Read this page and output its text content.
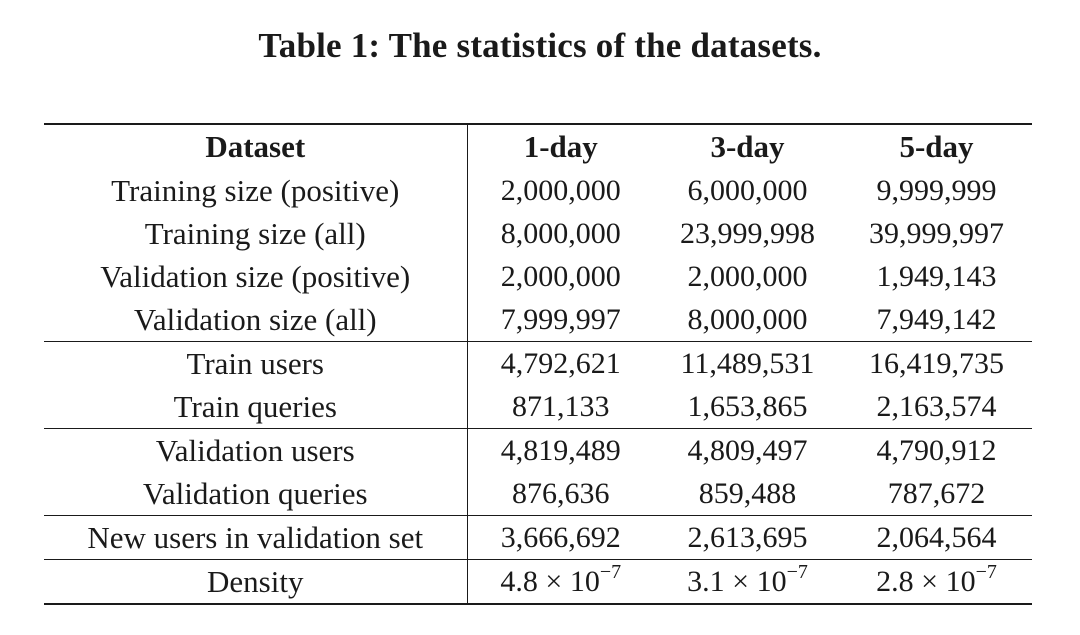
Table 1: The statistics of the datasets.
Dataset	1-day	3-day	5-day
Training size (positive)	2,000,000	6,000,000	9,999,999
Training size (all)	8,000,000	23,999,998	39,999,997
Validation size (positive)	2,000,000	2,000,000	1,949,143
Validation size (all)	7,999,997	8,000,000	7,949,142
Train users	4,792,621	11,489,531	16,419,735
Train queries	871,133	1,653,865	2,163,574
Validation users	4,819,489	4,809,497	4,790,912
Validation queries	876,636	859,488	787,672
New users in validation set	3,666,692	2,613,695	2,064,564
Density	$4.8 \times 10^{-7}$	$3.1 \times 10^{-7}$	$2.8 \times 10^{-7}$
